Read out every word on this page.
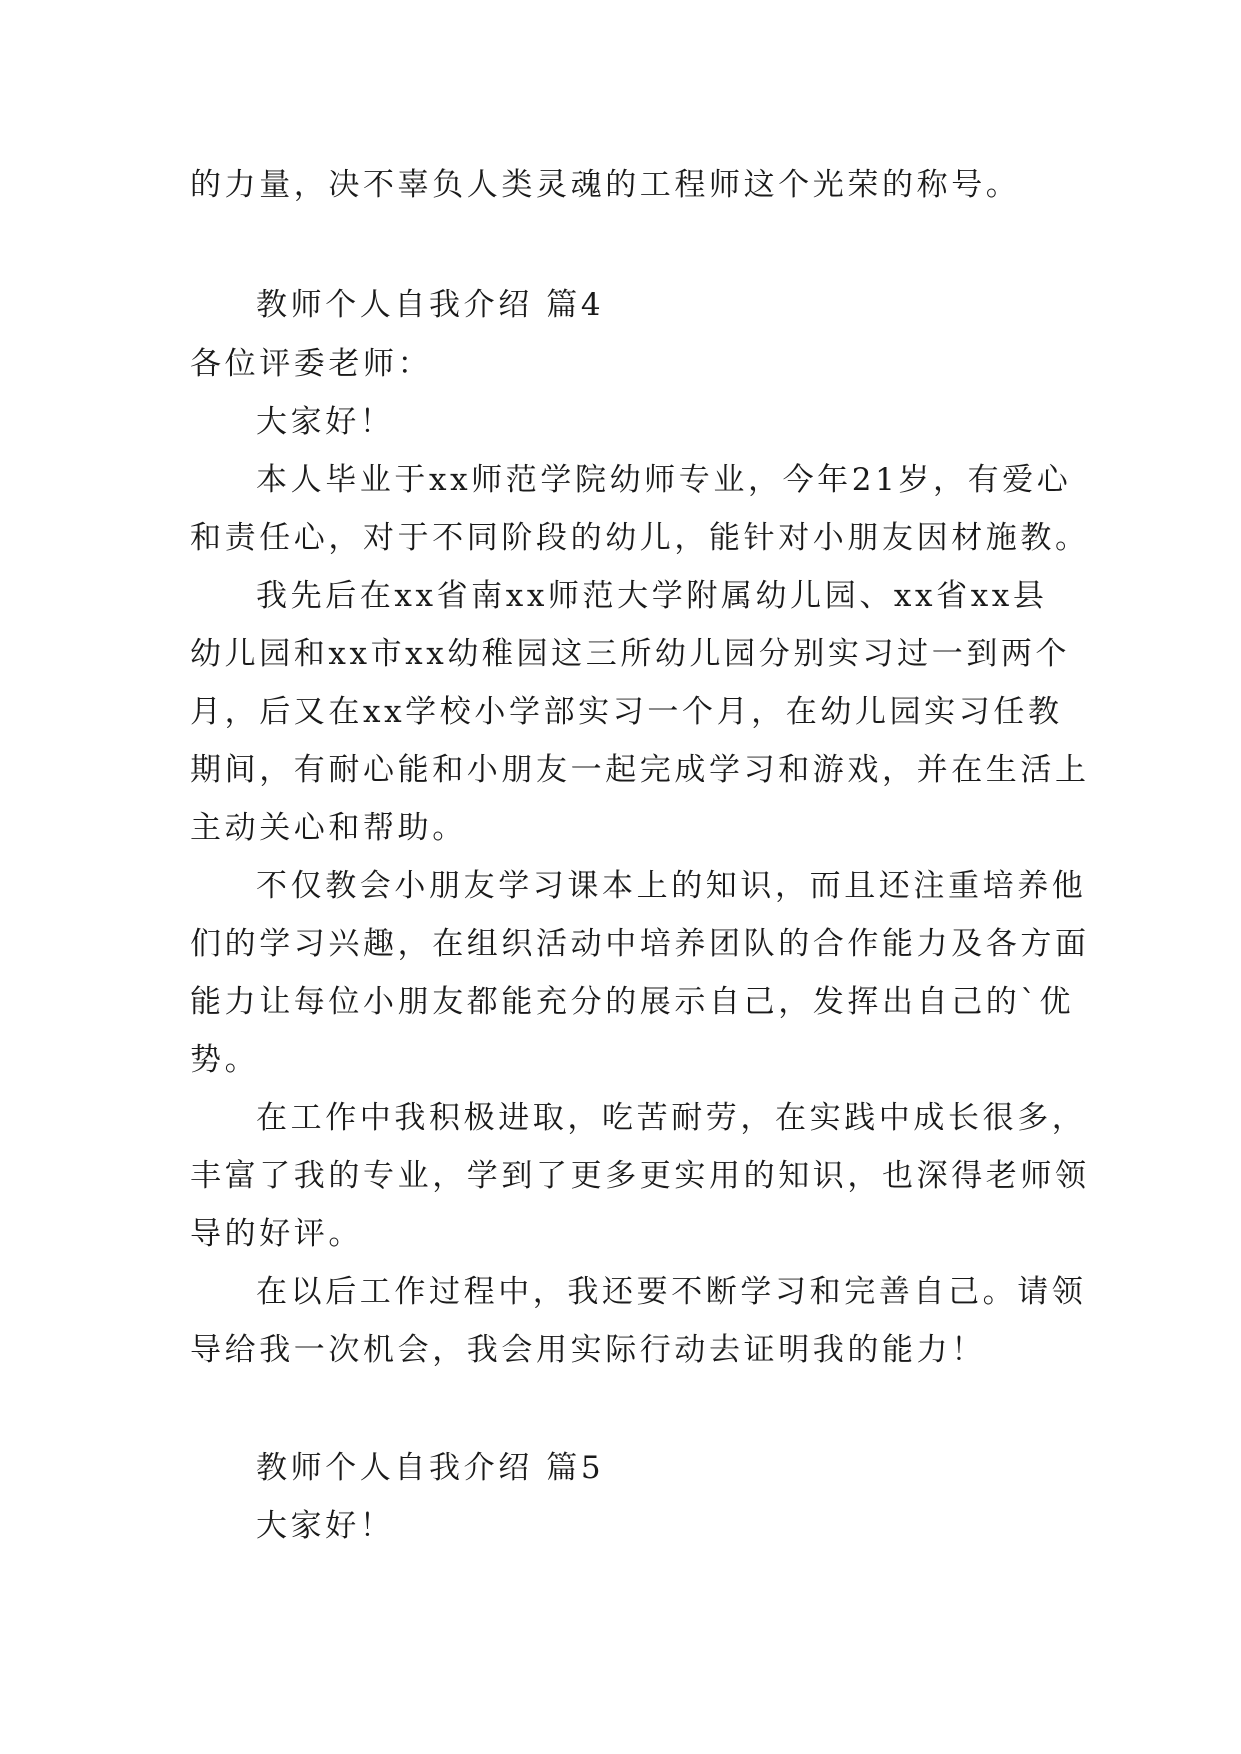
的力量，决不辜负人类灵魂的工程师这个光荣的称号。
教师个人自我介绍 篇4
各位评委老师：
大家好！
本人毕业于xx师范学院幼师专业，今年21岁，有爱心
和责任心，对于不同阶段的幼儿，能针对小朋友因材施教。
我先后在xx省南xx师范大学附属幼儿园、xx省xx县
幼儿园和xx市xx幼稚园这三所幼儿园分别实习过一到两个
月，后又在xx学校小学部实习一个月，在幼儿园实习任教
期间，有耐心能和小朋友一起完成学习和游戏，并在生活上
主动关心和帮助。
不仅教会小朋友学习课本上的知识，而且还注重培养他
们的学习兴趣，在组织活动中培养团队的合作能力及各方面
能力让每位小朋友都能充分的展示自己，发挥出自己的`优
势。
在工作中我积极进取，吃苦耐劳，在实践中成长很多，
丰富了我的专业，学到了更多更实用的知识，也深得老师领
导的好评。
在以后工作过程中，我还要不断学习和完善自己。请领
导给我一次机会，我会用实际行动去证明我的能力！
教师个人自我介绍 篇5
大家好！
